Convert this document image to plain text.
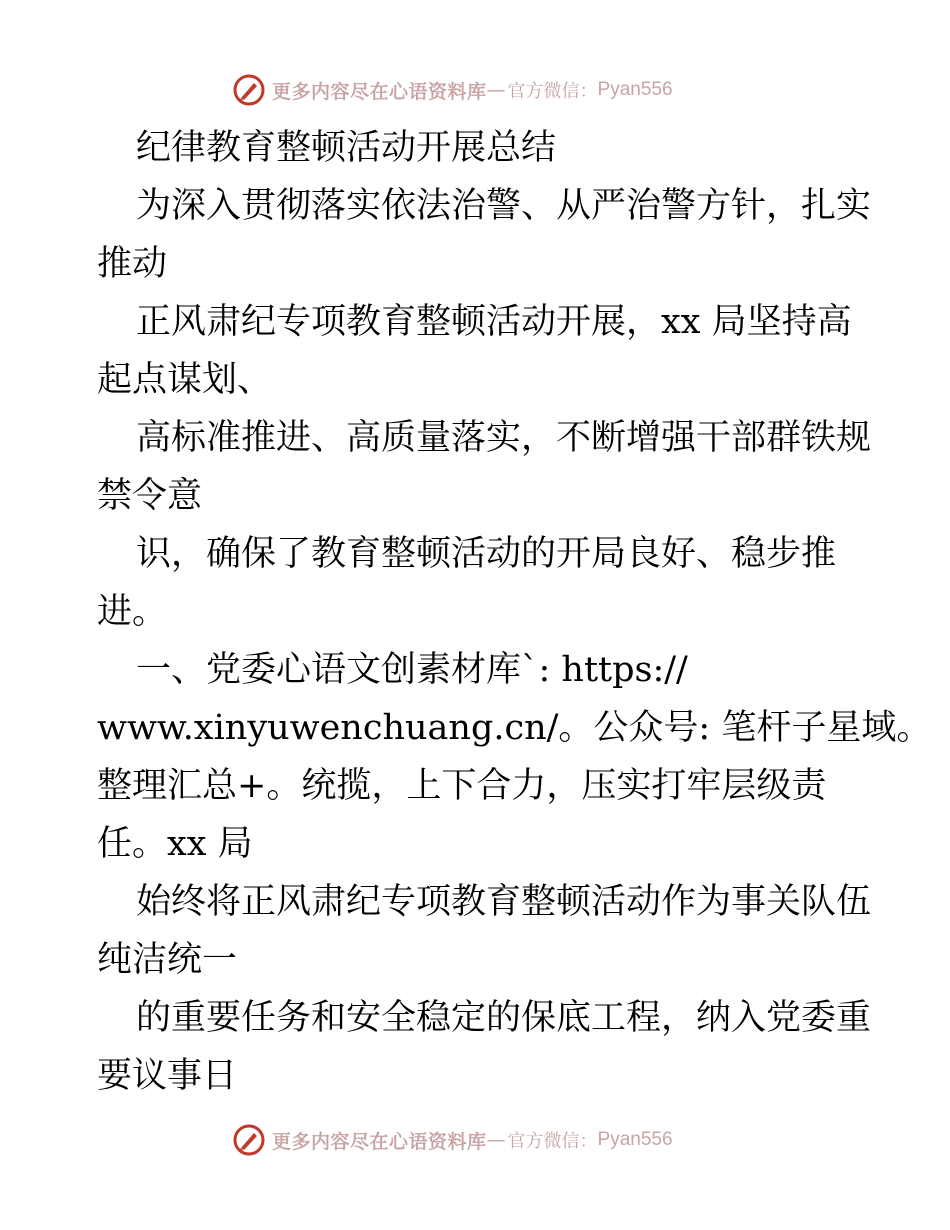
更多内容尽在心语资料库 — 官方微信： Pyan556
纪律教育整顿活动开展总结
为深入贯彻落实依法治警、从严治警方针，扎实
推动
正风肃纪专项教育整顿活动开展，xx 局坚持高
起点谋划、
高标准推进、高质量落实，不断增强干部群铁规
禁令意
识，确保了教育整顿活动的开局良好、稳步推
进。
一、党委心语文创素材库`: https://
www.xinyuwenchuang.cn/。公众号: 笔杆子星域。
整理汇总+。统揽，上下合力，压实打牢层级责
任。xx 局
始终将正风肃纪专项教育整顿活动作为事关队伍
纯洁统一
的重要任务和安全稳定的保底工程，纳入党委重
要议事日
更多内容尽在心语资料库 — 官方微信： Pyan556
